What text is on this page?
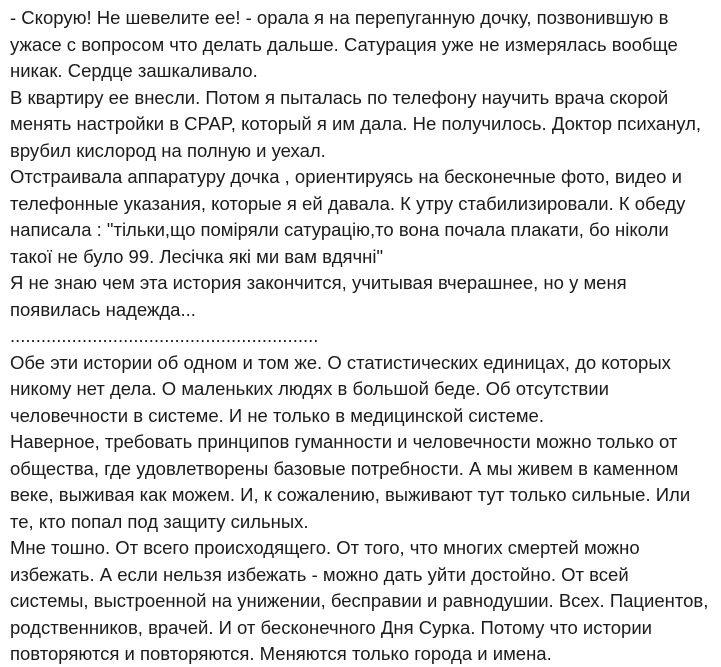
- Скорую! Не шевелите ее! - орала я на перепуганную дочку, позвонившую в ужасе с вопросом что делать дальше. Сатурация уже не измерялась вообще никак. Сердце зашкаливало.

В квартиру ее внесли. Потом я пыталась по телефону научить врача скорой менять настройки в CPAP, который я им дала. Не получилось. Доктор психанул, врубил кислород на полную и уехал.

Отстраивала аппаратуру дочка , ориентируясь на бесконечные фото, видео и телефонные указания, которые я ей давала. К утру стабилизировали. К обеду написала : "тільки,що поміряли сатурацію,то вона почала плакати, бо ніколи такої не було 99. Лесічка які ми вам вдячні"

Я не знаю чем эта история закончится, учитывая вчерашнее, но у меня появилась надежда...

............................................................

Обе эти истории об одном и том же. О статистических единицах, до которых никому нет дела. О маленьких людях в большой беде. Об отсутствии человечности в системе. И не только в медицинской системе.

Наверное, требовать принципов гуманности и человечности можно только от общества, где удовлетворены базовые потребности. А мы живем в каменном веке, выживая как можем. И, к сожалению, выживают тут только сильные. Или те, кто попал под защиту сильных.

Мне тошно. От всего происходящего. От того, что многих смертей можно избежать. А если нельзя избежать - можно дать уйти достойно. От всей системы, выстроенной на унижении, бесправии и равнодушии. Всех. Пациентов, родственников, врачей. И от бесконечного Дня Сурка. Потому что истории повторяются и повторяются. Меняются только города и имена.
